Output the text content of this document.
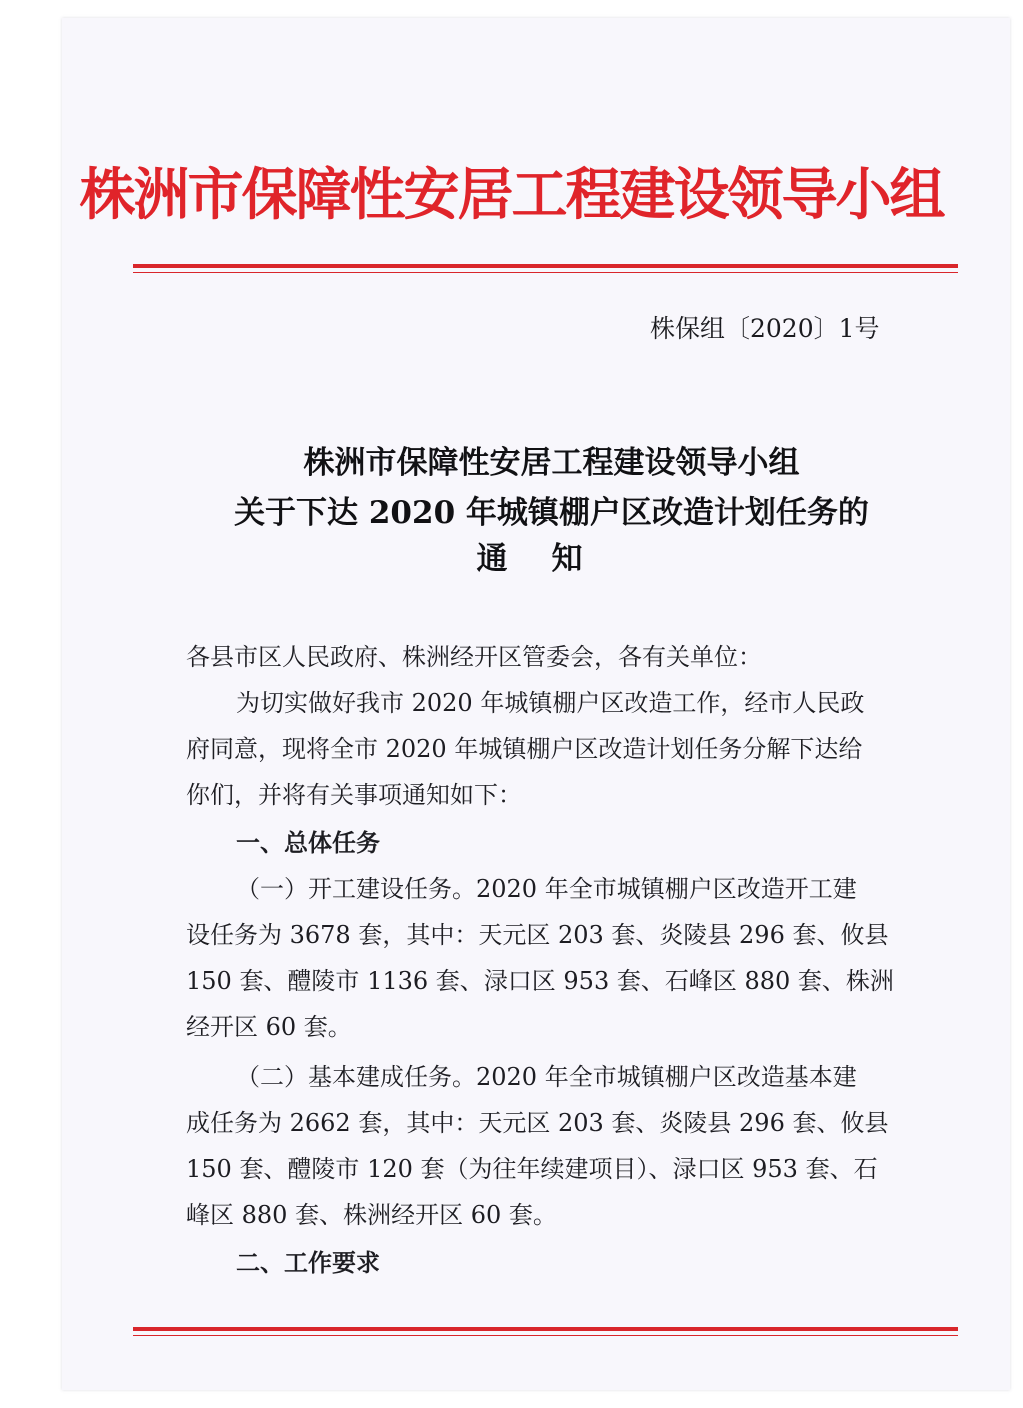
株洲市保障性安居工程建设领导小组
株保组〔2020〕1号
株洲市保障性安居工程建设领导小组
关于下达 2020 年城镇棚户区改造计划任务的
通知
各县市区人民政府、株洲经开区管委会，各有关单位：
为切实做好我市 2020 年城镇棚户区改造工作，经市人民政
府同意，现将全市 2020 年城镇棚户区改造计划任务分解下达给
你们，并将有关事项通知如下：
一、总体任务
（一）开工建设任务。2020 年全市城镇棚户区改造开工建
设任务为 3678 套，其中：天元区 203 套、炎陵县 296 套、攸县
150 套、醴陵市 1136 套、渌口区 953 套、石峰区 880 套、株洲
经开区 60 套。
（二）基本建成任务。2020 年全市城镇棚户区改造基本建
成任务为 2662 套，其中：天元区 203 套、炎陵县 296 套、攸县
150 套、醴陵市 120 套（为往年续建项目）、渌口区 953 套、石
峰区 880 套、株洲经开区 60 套。
二、工作要求
